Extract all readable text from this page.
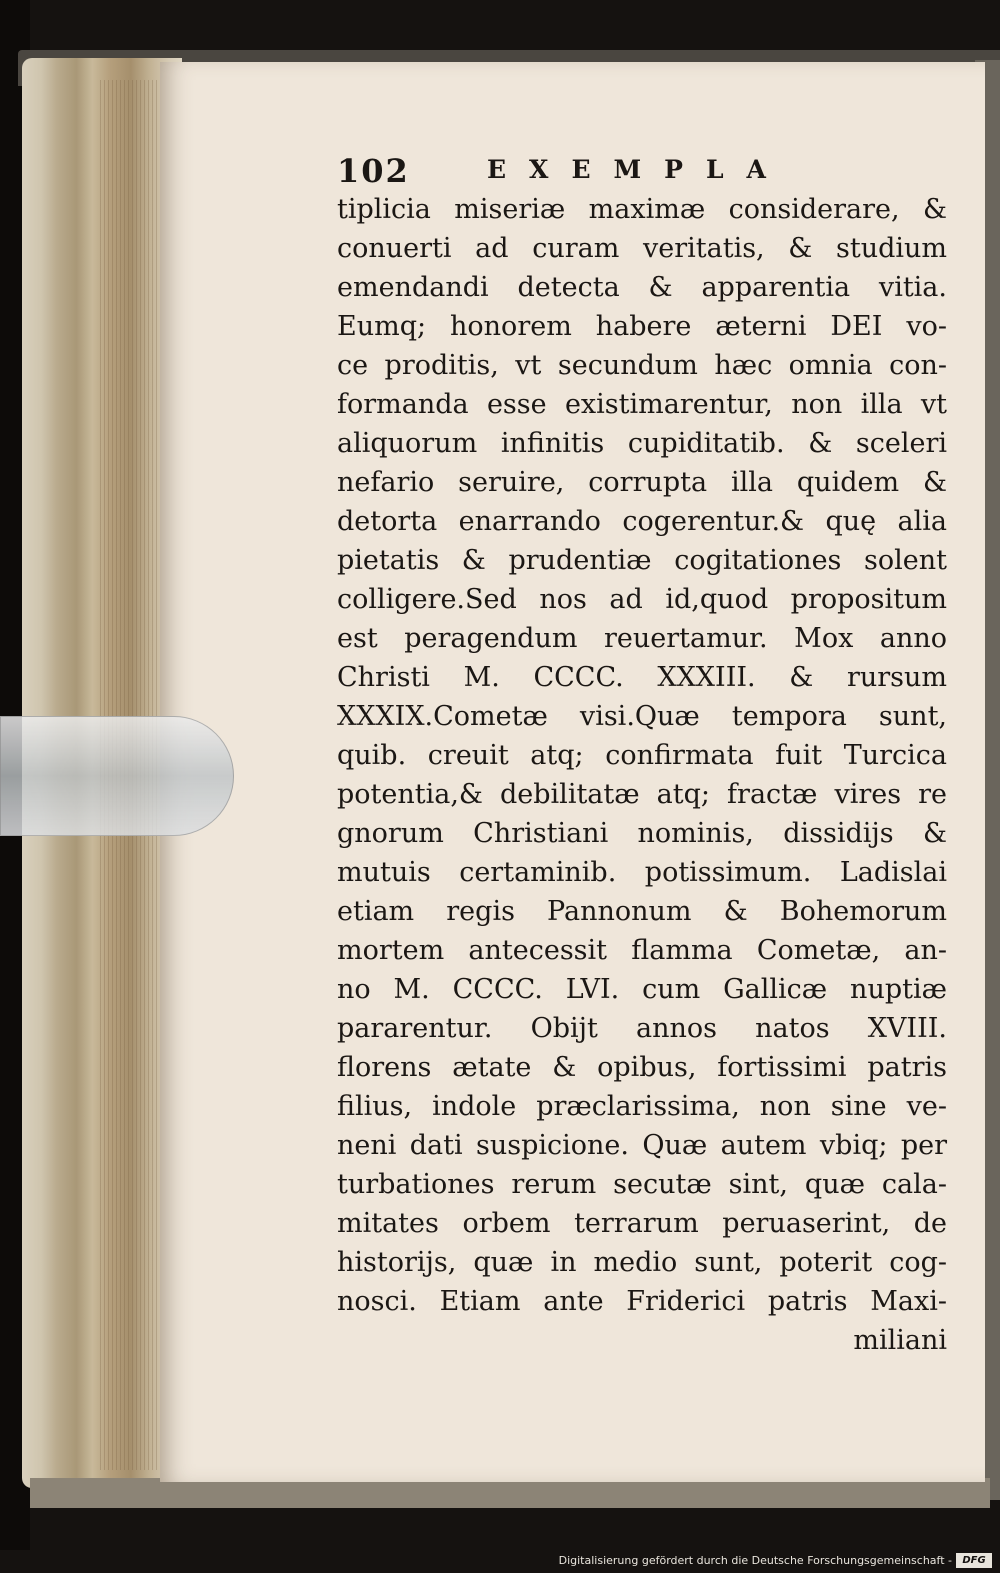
102	EXEMPLA
tiplicia miseriæ maximæ considerare, &
conuerti ad curam veritatis, & studium
emendandi detecta & apparentia vitia.
Eumq; honorem habere æterni DEI vo-
ce proditis, vt secundum hæc omnia con-
formanda esse existimarentur, non illa vt
aliquorum infinitis cupiditatib. & sceleri
nefario seruire, corrupta illa quidem &
detorta enarrando cogerentur.& quę alia
pietatis & prudentiæ cogitationes solent
colligere.Sed nos ad id,quod propositum
est peragendum reuertamur. Mox anno
Christi M. CCCC. XXXIII. & rursum
XXXIX.Cometæ visi.Quæ tempora sunt,
quib. creuit atq; confirmata fuit Turcica
potentia,& debilitatæ atq; fractæ vires re
gnorum Christiani nominis, dissidijs &
mutuis certaminib. potissimum. Ladislai
etiam regis Pannonum & Bohemorum
mortem antecessit flamma Cometæ, an-
no M. CCCC. LVI. cum Gallicæ nuptiæ
pararentur. Obijt annos natos XVIII.
florens ætate & opibus, fortissimi patris
filius, indole præclarissima, non sine ve-
neni dati suspicione. Quæ autem vbiq; per
turbationes rerum secutæ sint, quæ cala-
mitates orbem terrarum peruaserint, de
historijs, quæ in medio sunt, poterit cog-
nosci. Etiam ante Friderici patris Maxi-
miliani
Digitalisierung gefördert durch die Deutsche Forschungsgemeinschaft -	DFG
